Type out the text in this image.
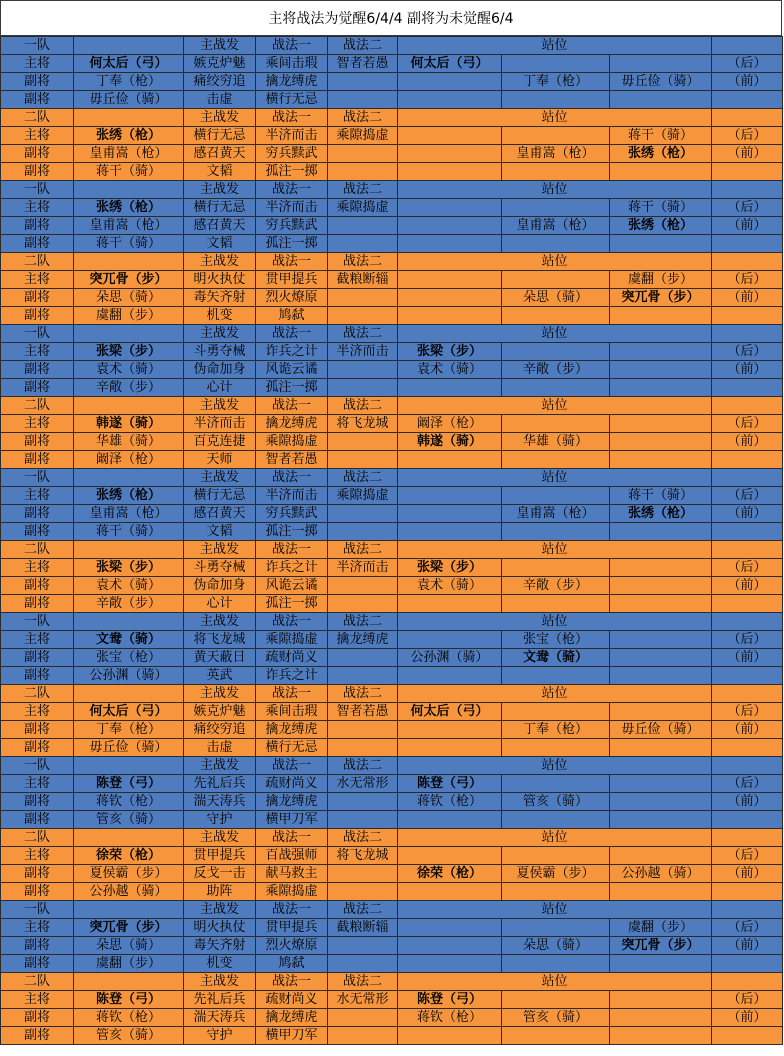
主将战法为觉醒6/4/4 副将为未觉醒6/4
一队		主战发	战法一	战法二	站位			
主将	何太后（弓）	嫉克炉魅	乘间击瑕	智者若愚	何太后（弓）			（后）
副将	丁奉（枪）	痛绞穷追	擒龙缚虎			丁奉（枪）	毋丘俭（骑）	（前）
副将	毋丘俭（骑）	击虚	横行无忌					
二队		主战发	战法一	战法二	站位			
主将	张绣（枪）	横行无忌	半济而击	乘隙捣虚			蒋干（骑）	（后）
副将	皇甫嵩（枪）	感召黄天	穷兵黩武			皇甫嵩（枪）	张绣（枪）	（前）
副将	蒋干（骑）	文韬	孤注一掷					
一队		主战发	战法一	战法二	站位			
主将	张绣（枪）	横行无忌	半济而击	乘隙捣虚			蒋干（骑）	（后）
副将	皇甫嵩（枪）	感召黄天	穷兵黩武			皇甫嵩（枪）	张绣（枪）	（前）
副将	蒋干（骑）	文韬	孤注一掷					
二队		主战发	战法一	战法二	站位			
主将	突兀骨（步）	明火执仗	贯甲提兵	截粮断辎			虞翻（步）	（后）
副将	朵思（骑）	毒矢齐射	烈火燎原			朵思（骑）	突兀骨（步）	（前）
副将	虞翻（步）	机变	鸠弑					
一队		主战发	战法一	战法二	站位			
主将	张梁（步）	斗勇夺械	诈兵之计	半济而击	张梁（步）			（后）
副将	袁术（骑）	伪命加身	风诡云谲		袁术（骑）	辛敞（步）		（前）
副将	辛敞（步）	心计	孤注一掷					
二队		主战发	战法一	战法二	站位			
主将	韩遂（骑）	半济而击	擒龙缚虎	将飞龙城	阚泽（枪）			（后）
副将	华雄（骑）	百克连捷	乘隙捣虚		韩遂（骑）	华雄（骑）		（前）
副将	阚泽（枪）	天师	智者若愚					
一队		主战发	战法一	战法二	站位			
主将	张绣（枪）	横行无忌	半济而击	乘隙捣虚			蒋干（骑）	（后）
副将	皇甫嵩（枪）	感召黄天	穷兵黩武			皇甫嵩（枪）	张绣（枪）	（前）
副将	蒋干（骑）	文韬	孤注一掷					
二队		主战发	战法一	战法二	站位			
主将	张梁（步）	斗勇夺械	诈兵之计	半济而击	张梁（步）			（后）
副将	袁术（骑）	伪命加身	风诡云谲		袁术（骑）	辛敞（步）		（前）
副将	辛敞（步）	心计	孤注一掷					
一队		主战发	战法一	战法二	站位			
主将	文鸯（骑）	将飞龙城	乘隙捣虚	擒龙缚虎		张宝（枪）		（后）
副将	张宝（枪）	黄天蔽日	疏财尚义		公孙渊（骑）	文鸯（骑）		（前）
副将	公孙渊（骑）	英武	诈兵之计					
二队		主战发	战法一	战法二	站位			
主将	何太后（弓）	嫉克炉魅	乘间击瑕	智者若愚	何太后（弓）			（后）
副将	丁奉（枪）	痛绞穷追	擒龙缚虎			丁奉（枪）	毋丘俭（骑）	（前）
副将	毋丘俭（骑）	击虚	横行无忌					
一队		主战发	战法一	战法二	站位			
主将	陈登（弓）	先礼后兵	疏财尚义	水无常形	陈登（弓）			（后）
副将	蒋钦（枪）	湍天涛兵	擒龙缚虎		蒋钦（枪）	管亥（骑）		（前）
副将	管亥（骑）	守护	横甲刀军					
二队		主战发	战法一	战法二	站位			
主将	徐荣（枪）	贯甲提兵	百战强师	将飞龙城				（后）
副将	夏侯霸（步）	反戈一击	献马救主		徐荣（枪）	夏侯霸（步）	公孙越（骑）	（前）
副将	公孙越（骑）	助阵	乘隙捣虚					
一队		主战发	战法一	战法二	站位			
主将	突兀骨（步）	明火执仗	贯甲提兵	截粮断辎			虞翻（步）	（后）
副将	朵思（骑）	毒矢齐射	烈火燎原			朵思（骑）	突兀骨（步）	（前）
副将	虞翻（步）	机变	鸠弑					
二队		主战发	战法一	战法二	站位			
主将	陈登（弓）	先礼后兵	疏财尚义	水无常形	陈登（弓）			（后）
副将	蒋钦（枪）	湍天涛兵	擒龙缚虎		蒋钦（枪）	管亥（骑）		（前）
副将	管亥（骑）	守护	横甲刀军					
